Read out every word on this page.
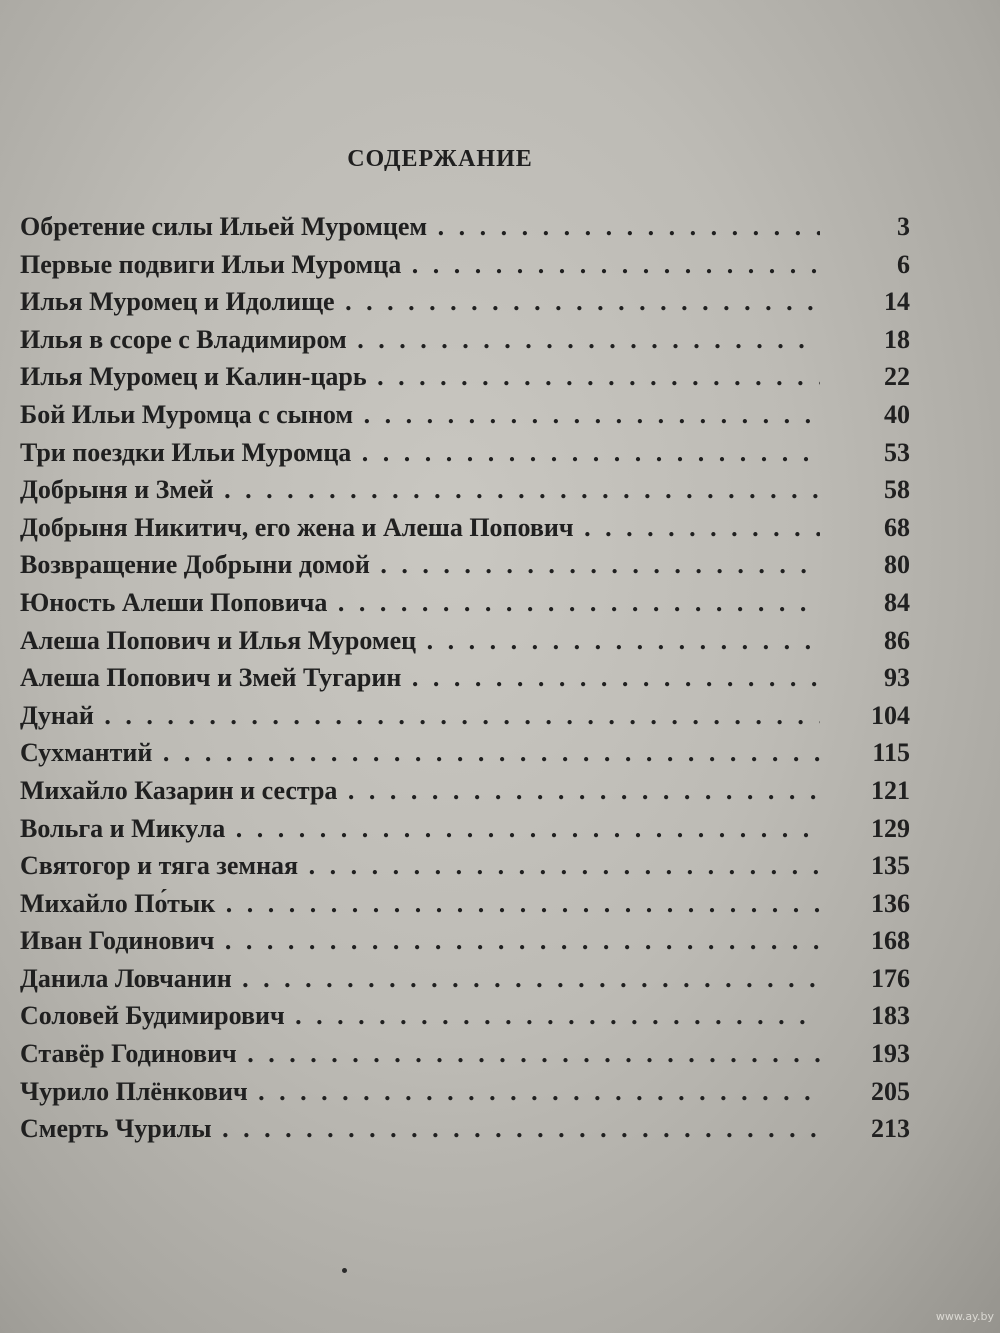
СОДЕРЖАНИЕ
Обретение силы Ильей Муромцем . .	3
Первые подвиги Ильи Муромца . .	6
Илья Муромец и Идолище . .	14
Илья в ссоре с Владимиром . .	18
Илья Муромец и Калин-царь . .	22
Бой Ильи Муромца с сыном . .	40
Три поездки Ильи Муромца . .	53
Добрыня и Змей . .	58
Добрыня Никитич, его жена и Алеша Попович . .	68
Возвращение Добрыни домой . .	80
Юность Алеши Поповича . .	84
Алеша Попович и Илья Муромец . .	86
Алеша Попович и Змей Тугарин . .	93
Дунай . .	104
Сухмантий . .	115
Михайло Казарин и сестра . .	121
Вольга и Микула . .	129
Святогор и тяга земная . .	135
Михайло По́тык . .	136
Иван Годинович . .	168
Данила Ловчанин . .	176
Соловей Будимирович . .	183
Ставёр Годинович . .	193
Чурило Плёнкович . .	205
Смерть Чурилы . .	213
www.ay.by
